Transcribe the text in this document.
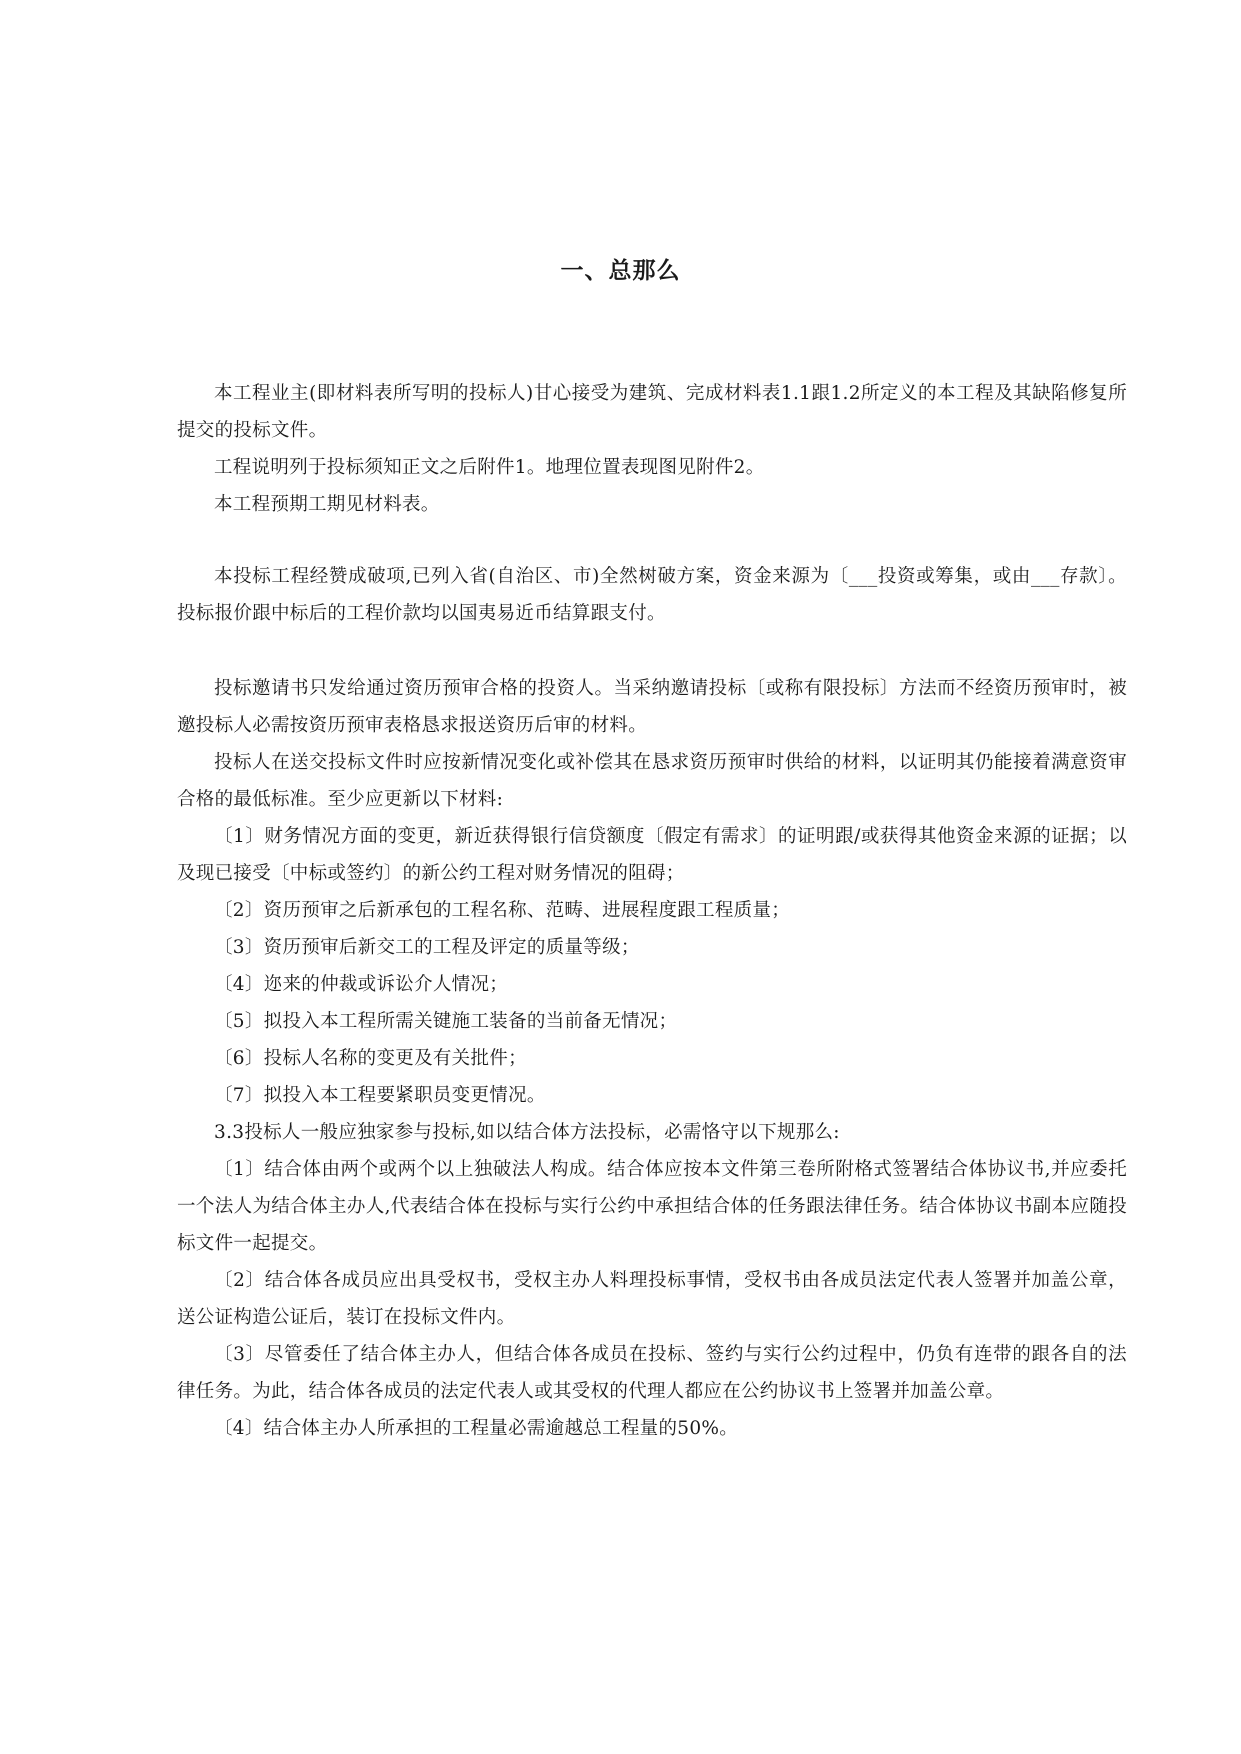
一、总那么

本工程业主(即材料表所写明的投标人)甘心接受为建筑、完成材料表1.1跟1.2所定义的本工程及其缺陷修复所提交的投标文件。

工程说明列于投标须知正文之后附件1。地理位置表现图见附件2。

本工程预期工期见材料表。

本投标工程经赞成破项,已列入省(自治区、市)全然树破方案，资金来源为〔___投资或筹集，或由___存款〕。投标报价跟中标后的工程价款均以国夷易近币结算跟支付。

投标邀请书只发给通过资历预审合格的投资人。当采纳邀请投标〔或称有限投标〕方法而不经资历预审时，被邀投标人必需按资历预审表格恳求报送资历后审的材料。

投标人在送交投标文件时应按新情况变化或补偿其在恳求资历预审时供给的材料，以证明其仍能接着满意资审合格的最低标准。至少应更新以下材料:

〔1〕财务情况方面的变更，新近获得银行信贷额度〔假定有需求〕的证明跟/或获得其他资金来源的证据；以及现已接受〔中标或签约〕的新公约工程对财务情况的阻碍；

〔2〕资历预审之后新承包的工程名称、范畴、进展程度跟工程质量；

〔3〕资历预审后新交工的工程及评定的质量等级；

〔4〕迩来的仲裁或诉讼介人情况；

〔5〕拟投入本工程所需关键施工装备的当前备无情况；

〔6〕投标人名称的变更及有关批件；

〔7〕拟投入本工程要紧职员变更情况。

3.3投标人一般应独家参与投标,如以结合体方法投标，必需恪守以下规那么:

〔1〕结合体由两个或两个以上独破法人构成。结合体应按本文件第三卷所附格式签署结合体协议书,并应委托一个法人为结合体主办人,代表结合体在投标与实行公约中承担结合体的任务跟法律任务。结合体协议书副本应随投标文件一起提交。

〔2〕结合体各成员应出具受权书，受权主办人料理投标事情，受权书由各成员法定代表人签署并加盖公章，送公证构造公证后，装订在投标文件内。

〔3〕尽管委任了结合体主办人，但结合体各成员在投标、签约与实行公约过程中，仍负有连带的跟各自的法律任务。为此，结合体各成员的法定代表人或其受权的代理人都应在公约协议书上签署并加盖公章。

〔4〕结合体主办人所承担的工程量必需逾越总工程量的50%。
